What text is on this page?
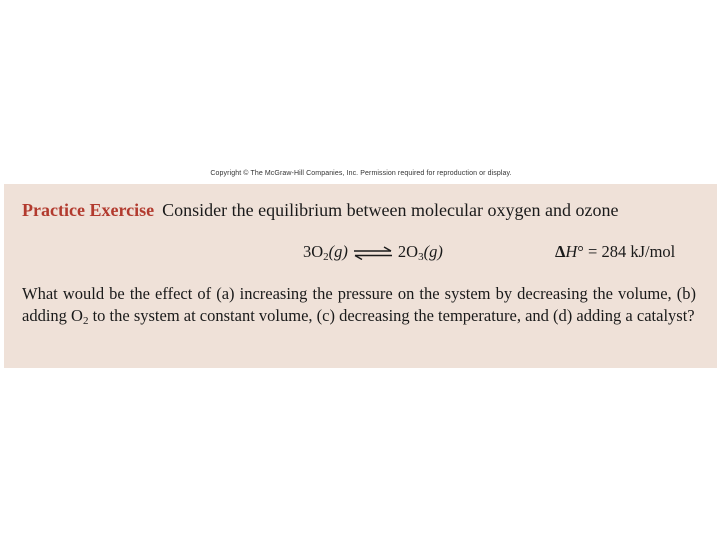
Copyright © The McGraw-Hill Companies, Inc. Permission required for reproduction or display.
Practice Exercise Consider the equilibrium between molecular oxygen and ozone
$3O_2(g)$ ⇌ $2O_3(g)$	ΔH° = 284 kJ/mol
What would be the effect of (a) increasing the pressure on the system by decreasing the volume, (b) adding $O_2$ to the system at constant volume, (c) decreasing the temperature, and (d) adding a catalyst?
